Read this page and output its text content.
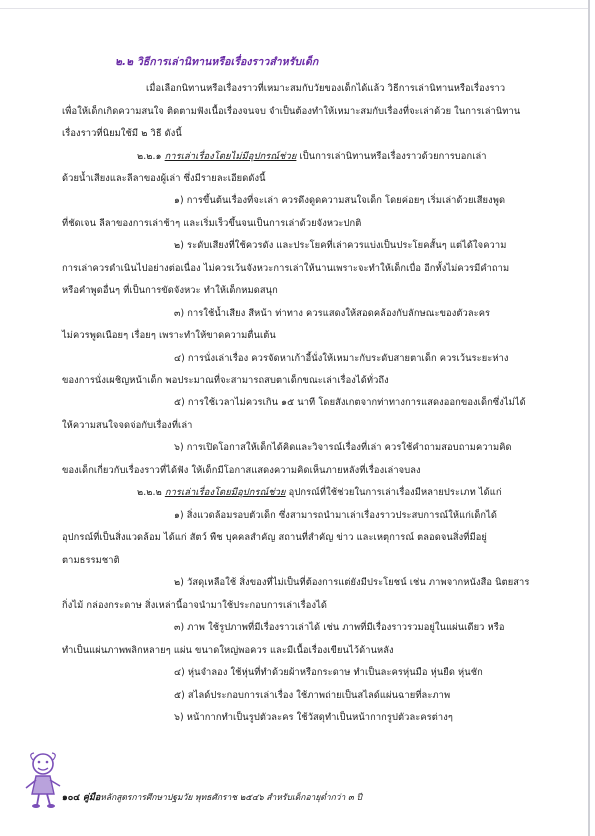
๒.๒ วิธีการเล่านิทานหรือเรื่องราวสำหรับเด็ก
เมื่อเลือกนิทานหรือเรื่องราวที่เหมาะสมกับวัยของเด็กได้แล้ว วิธีการเล่านิทานหรือเรื่องราว
เพื่อให้เด็กเกิดความสนใจ ติดตามฟังเนื้อเรื่องจนจบ จำเป็นต้องทำให้เหมาะสมกับเรื่องที่จะเล่าด้วย ในการเล่านิทาน
เรื่องราวที่นิยมใช้มี ๒ วิธี ดังนี้
๒.๒.๑ การเล่าเรื่องโดยไม่มีอุปกรณ์ช่วย เป็นการเล่านิทานหรือเรื่องราวด้วยการบอกเล่า
ด้วยน้ำเสียงและลีลาของผู้เล่า ซึ่งมีรายละเอียดดังนี้
๑) การขึ้นต้นเรื่องที่จะเล่า ควรดึงดูดความสนใจเด็ก โดยค่อยๆ เริ่มเล่าด้วยเสียงพูด
ที่ชัดเจน ลีลาของการเล่าช้าๆ และเริ่มเร็วขึ้นจนเป็นการเล่าด้วยจังหวะปกติ
๒) ระดับเสียงที่ใช้ควรดัง และประโยคที่เล่าควรแบ่งเป็นประโยคสั้นๆ แต่ได้ใจความ
การเล่าควรดำเนินไปอย่างต่อเนื่อง ไม่ควรเว้นจังหวะการเล่าให้นานเพราะจะทำให้เด็กเบื่อ อีกทั้งไม่ควรมีคำถาม
หรือคำพูดอื่นๆ ที่เป็นการขัดจังหวะ ทำให้เด็กหมดสนุก
๓) การใช้น้ำเสียง สีหน้า ท่าทาง ควรแสดงให้สอดคล้องกับลักษณะของตัวละคร
ไม่ควรพูดเนือยๆ เรื่อยๆ เพราะทำให้ขาดความตื่นเต้น
๔) การนั่งเล่าเรื่อง ควรจัดหาเก้าอี้นั่งให้เหมาะกับระดับสายตาเด็ก ควรเว้นระยะห่าง
ของการนั่งเผชิญหน้าเด็ก พอประมาณที่จะสามารถสบตาเด็กขณะเล่าเรื่องได้ทั่วถึง
๕) การใช้เวลาไม่ควรเกิน ๑๕ นาที โดยสังเกตจากท่าทางการแสดงออกของเด็กซึ่งไม่ได้
ให้ความสนใจจดจ่อกับเรื่องที่เล่า
๖) การเปิดโอกาสให้เด็กได้คิดและวิจารณ์เรื่องที่เล่า ควรใช้คำถามสอบถามความคิด
ของเด็กเกี่ยวกับเรื่องราวที่ได้ฟัง ให้เด็กมีโอกาสแสดงความคิดเห็นภายหลังที่เรื่องเล่าจบลง
๒.๒.๒ การเล่าเรื่องโดยมีอุปกรณ์ช่วย อุปกรณ์ที่ใช้ช่วยในการเล่าเรื่องมีหลายประเภท ได้แก่
๑) สิ่งแวดล้อมรอบตัวเด็ก ซึ่งสามารถนำมาเล่าเรื่องราวประสบการณ์ให้แก่เด็กได้
อุปกรณ์ที่เป็นสิ่งแวดล้อม ได้แก่ สัตว์ พืช บุคคลสำคัญ สถานที่สำคัญ ข่าว และเหตุการณ์ ตลอดจนสิ่งที่มีอยู่
ตามธรรมชาติ
๒) วัสดุเหลือใช้ สิ่งของที่ไม่เป็นที่ต้องการแต่ยังมีประโยชน์ เช่น ภาพจากหนังสือ นิตยสาร
กิ่งไม้ กล่องกระดาษ สิ่งเหล่านี้อาจนำมาใช้ประกอบการเล่าเรื่องได้
๓) ภาพ ใช้รูปภาพที่มีเรื่องราวเล่าได้ เช่น ภาพที่มีเรื่องราวรวมอยู่ในแผ่นเดียว หรือ
ทำเป็นแผ่นภาพพลิกหลายๆ แผ่น ขนาดใหญ่พอควร และมีเนื้อเรื่องเขียนไว้ด้านหลัง
๔) หุ่นจำลอง ใช้หุ่นที่ทำด้วยผ้าหรือกระดาษ ทำเป็นละครหุ่นมือ หุ่นยืด หุ่นชัก
๕) สไลด์ประกอบการเล่าเรื่อง ใช้ภาพถ่ายเป็นสไลด์แผ่นฉายที่ละภาพ
๖) หน้ากากทำเป็นรูปตัวละคร ใช้วัสดุทำเป็นหน้ากากรูปตัวละครต่างๆ
๑๐๔ คู่มือหลักสูตรการศึกษาปฐมวัย พุทธศักราช ๒๕๔๖ สำหรับเด็กอายุต่ำกว่า ๓ ปี
